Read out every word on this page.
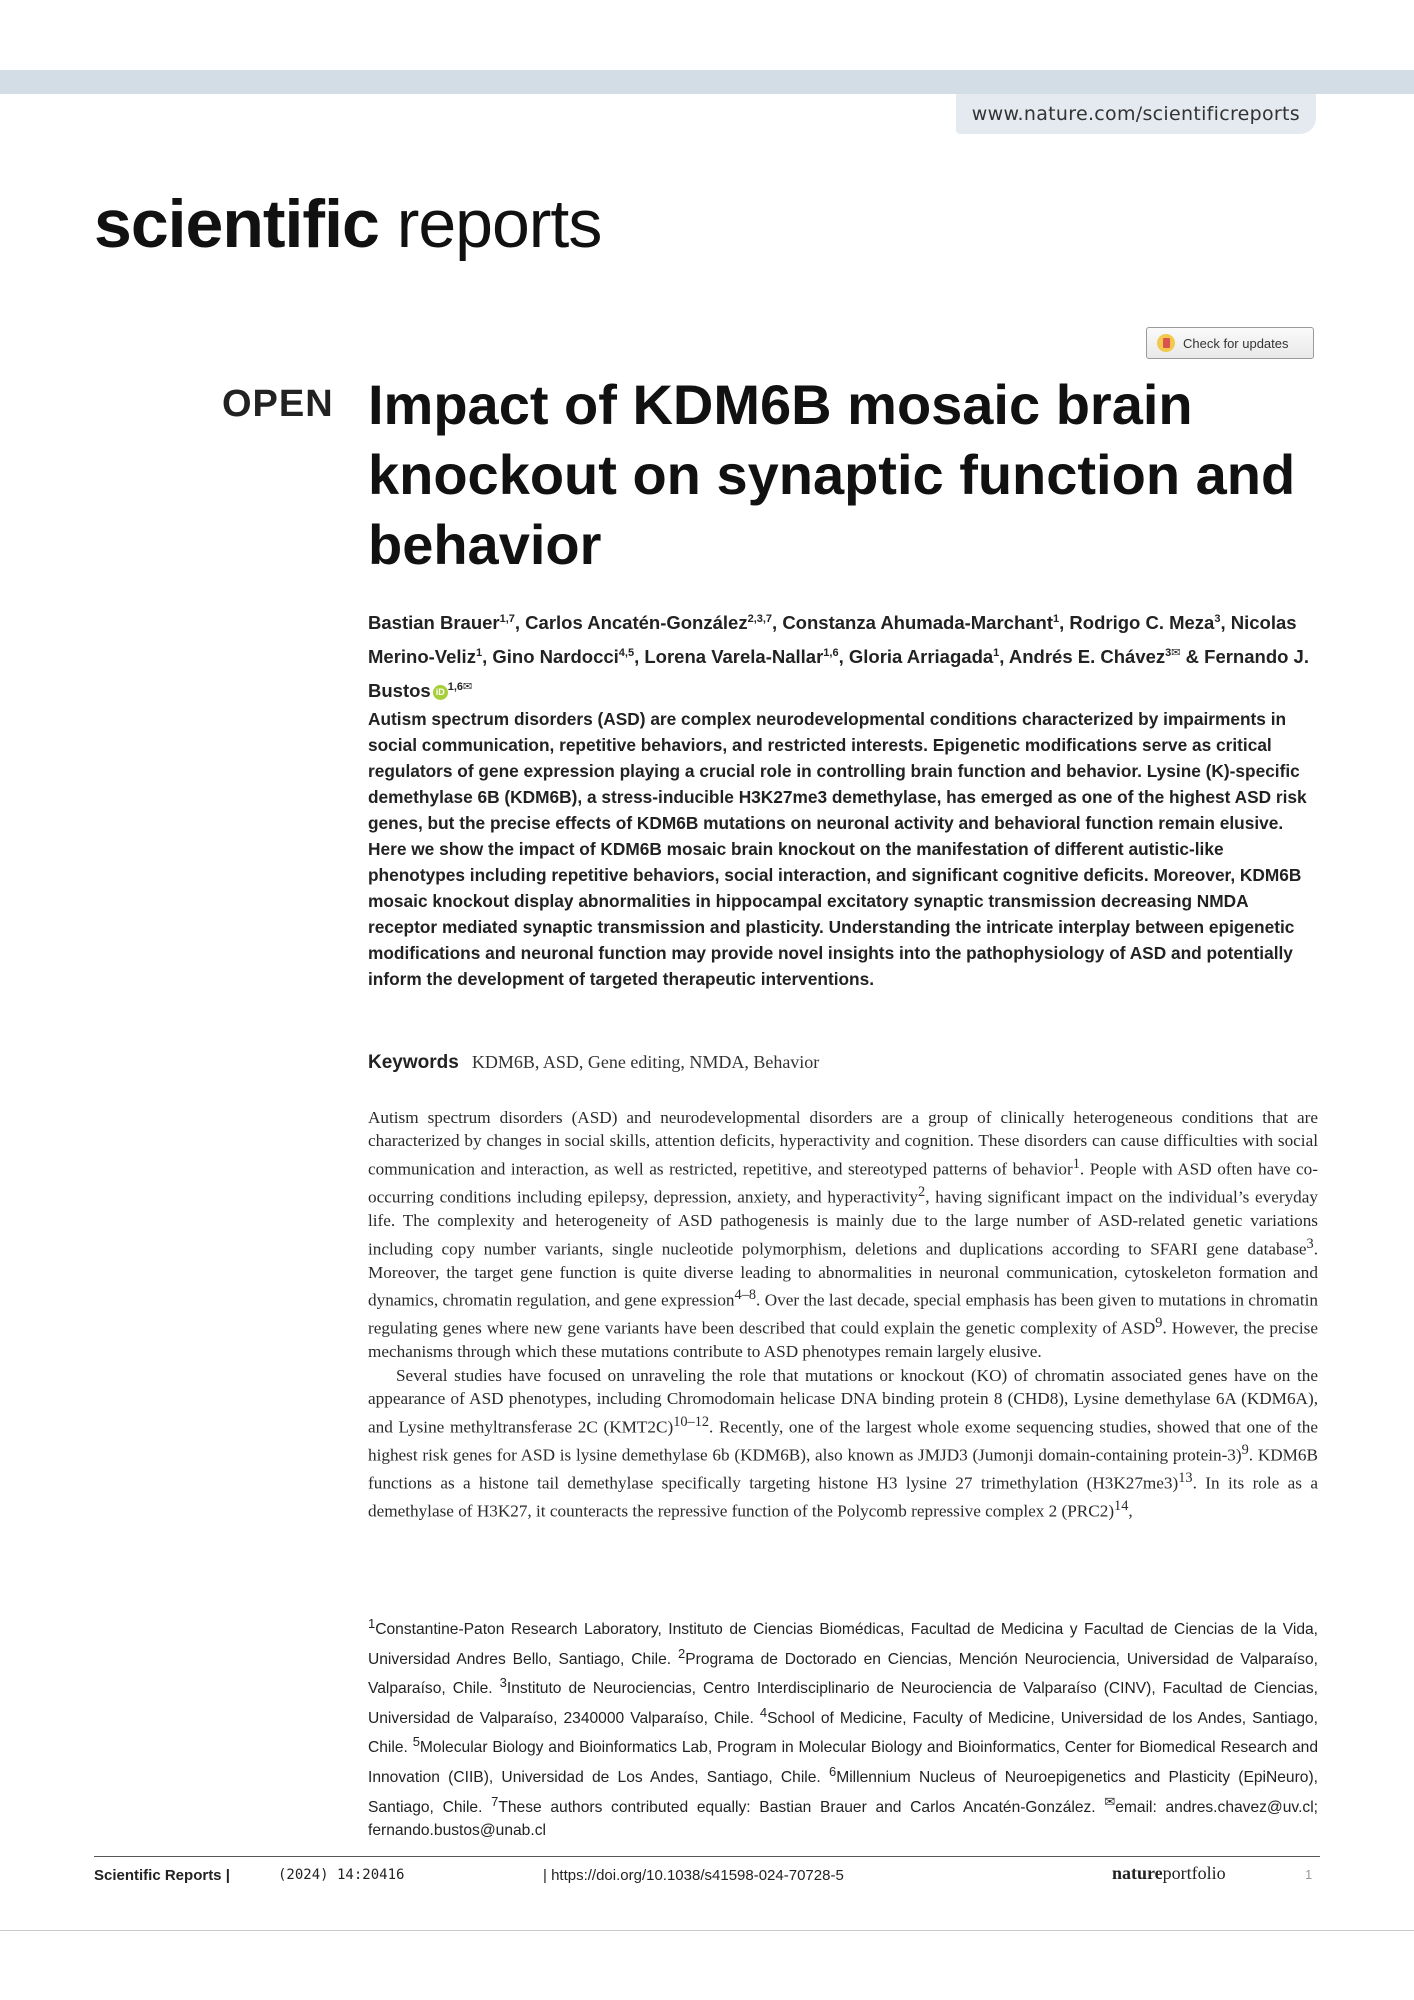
www.nature.com/scientificreports
scientific reports
Check for updates
OPEN Impact of KDM6B mosaic brain knockout on synaptic function and behavior
Bastian Brauer$^{1,7}$, Carlos Ancatén-González$^{2,3,7}$, Constanza Ahumada-Marchant$^1$, Rodrigo C. Meza$^3$, Nicolas Merino-Veliz$^1$, Gino Nardocci$^{4,5}$, Lorena Varela-Nallar$^{1,6}$, Gloria Arriagada$^1$, Andrés E. Chávez$^{3✉}$ & Fernando J. Bustos iD $^{1,6✉}$
Autism spectrum disorders (ASD) are complex neurodevelopmental conditions characterized by impairments in social communication, repetitive behaviors, and restricted interests. Epigenetic modifications serve as critical regulators of gene expression playing a crucial role in controlling brain function and behavior. Lysine (K)-specific demethylase 6B (KDM6B), a stress-inducible H3K27me3 demethylase, has emerged as one of the highest ASD risk genes, but the precise effects of KDM6B mutations on neuronal activity and behavioral function remain elusive. Here we show the impact of KDM6B mosaic brain knockout on the manifestation of different autistic-like phenotypes including repetitive behaviors, social interaction, and significant cognitive deficits. Moreover, KDM6B mosaic knockout display abnormalities in hippocampal excitatory synaptic transmission decreasing NMDA receptor mediated synaptic transmission and plasticity. Understanding the intricate interplay between epigenetic modifications and neuronal function may provide novel insights into the pathophysiology of ASD and potentially inform the development of targeted therapeutic interventions.
Keywords KDM6B, ASD, Gene editing, NMDA, Behavior

Autism spectrum disorders (ASD) and neurodevelopmental disorders are a group of clinically heterogeneous conditions that are characterized by changes in social skills, attention deficits, hyperactivity and cognition. These disorders can cause difficulties with social communication and interaction, as well as restricted, repetitive, and stereotyped patterns of behavior$^1$. People with ASD often have co-occurring conditions including epilepsy, depression, anxiety, and hyperactivity$^2$, having significant impact on the individual’s everyday life. The complexity and heterogeneity of ASD pathogenesis is mainly due to the large number of ASD-related genetic variations including copy number variants, single nucleotide polymorphism, deletions and duplications according to SFARI gene database$^3$. Moreover, the target gene function is quite diverse leading to abnormalities in neuronal communication, cytoskeleton formation and dynamics, chromatin regulation, and gene expression$^{4-8}$. Over the last decade, special emphasis has been given to mutations in chromatin regulating genes where new gene variants have been described that could explain the genetic complexity of ASD$^9$. However, the precise mechanisms through which these mutations contribute to ASD phenotypes remain largely elusive.

Several studies have focused on unraveling the role that mutations or knockout (KO) of chromatin associated genes have on the appearance of ASD phenotypes, including Chromodomain helicase DNA binding protein 8 (CHD8), Lysine demethylase 6A (KDM6A), and Lysine methyltransferase 2C $(KMT2C)^{10-12}$. Recently, one of the largest whole exome sequencing studies, showed that one of the highest risk genes for ASD is lysine demethylase 6b (KDM6B), also known as JMJD3 (Jumonji domain-containing protein-3)$^9$. KDM6B functions as a histone tail demethylase specifically targeting histone H3 lysine 27 trimethylation $(H3K27me3)^{13}$. In its role as a demethylase of H3K27, it counteracts the repressive function of the Polycomb repressive complex 2 $(PRC2)^{14}$,

$^1$Constantine-Paton Research Laboratory, Instituto de Ciencias Biomédicas, Facultad de Medicina y Facultad de Ciencias de la Vida, Universidad Andres Bello, Santiago, Chile. $^2$Programa de Doctorado en Ciencias, Mención Neurociencia, Universidad de Valparaíso, Valparaíso, Chile. $^3$Instituto de Neurociencias, Centro Interdisciplinario de Neurociencia de Valparaíso (CINV), Facultad de Ciencias, Universidad de Valparaíso, 2340000 Valparaíso, Chile. $^4$School of Medicine, Faculty of Medicine, Universidad de los Andes, Santiago, Chile. $^5$Molecular Biology and Bioinformatics Lab, Program in Molecular Biology and Bioinformatics, Center for Biomedical Research and Innovation (CIIB), Universidad de Los Andes, Santiago, Chile. $^6$Millennium Nucleus of Neuroepigenetics and Plasticity (EpiNeuro), Santiago, Chile. $^7$These authors contributed equally: Bastian Brauer and Carlos Ancatén-González. ✉email: andres.chavez@uv.cl; fernando.bustos@unab.cl
Scientific Reports |	(2024) 14:20416	| https://doi.org/10.1038/s41598-024-70728-5	natureportfolio	1
